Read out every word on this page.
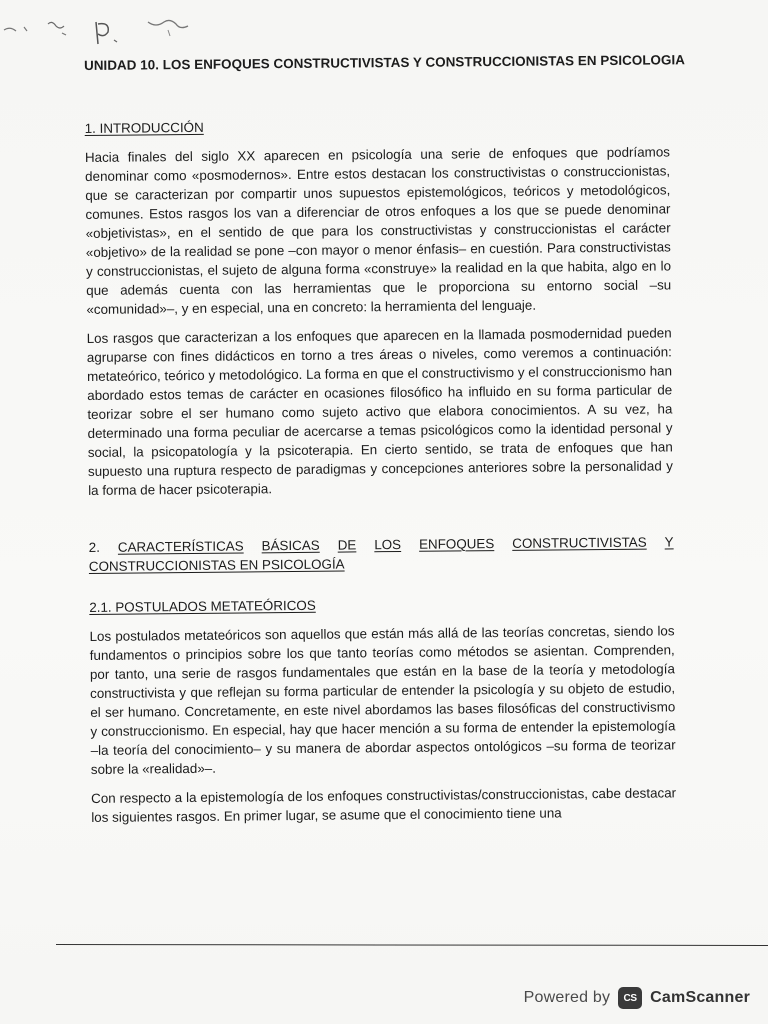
UNIDAD 10. LOS ENFOQUES CONSTRUCTIVISTAS Y CONSTRUCCIONISTAS EN PSICOLOGIA
1. INTRODUCCIÓN

Hacia finales del siglo XX aparecen en psicología una serie de enfoques que podríamos denominar como «posmodernos». Entre estos destacan los constructivistas o construccionistas, que se caracterizan por compartir unos supuestos epistemológicos, teóricos y metodológicos, comunes. Estos rasgos los van a diferenciar de otros enfoques a los que se puede denominar «objetivistas», en el sentido de que para los constructivistas y construccionistas el carácter «objetivo» de la realidad se pone –con mayor o menor énfasis– en cuestión. Para constructivistas y construccionistas, el sujeto de alguna forma «construye» la realidad en la que habita, algo en lo que además cuenta con las herramientas que le proporciona su entorno social –su «comunidad»–, y en especial, una en concreto: la herramienta del lenguaje.

Los rasgos que caracterizan a los enfoques que aparecen en la llamada posmodernidad pueden agruparse con fines didácticos en torno a tres áreas o niveles, como veremos a continuación: metateórico, teórico y metodológico. La forma en que el constructivismo y el construccionismo han abordado estos temas de carácter en ocasiones filosófico ha influido en su forma particular de teorizar sobre el ser humano como sujeto activo que elabora conocimientos. A su vez, ha determinado una forma peculiar de acercarse a temas psicológicos como la identidad personal y social, la psicopatología y la psicoterapia. En cierto sentido, se trata de enfoques que han supuesto una ruptura respecto de paradigmas y concepciones anteriores sobre la personalidad y la forma de hacer psicoterapia.

2. CARACTERÍSTICAS BÁSICAS DE LOS ENFOQUES CONSTRUCTIVISTAS Y
CONSTRUCCIONISTAS EN PSICOLOGÍA
2.1. POSTULADOS METATEÓRICOS

Los postulados metateóricos son aquellos que están más allá de las teorías concretas, siendo los fundamentos o principios sobre los que tanto teorías como métodos se asientan. Comprenden, por tanto, una serie de rasgos fundamentales que están en la base de la teoría y metodología constructivista y que reflejan su forma particular de entender la psicología y su objeto de estudio, el ser humano. Concretamente, en este nivel abordamos las bases filosóficas del constructivismo y construccionismo. En especial, hay que hacer mención a su forma de entender la epistemología –la teoría del conocimiento– y su manera de abordar aspectos ontológicos –su forma de teorizar sobre la «realidad»–.

Con respecto a la epistemología de los enfoques constructivistas/construccionistas, cabe destacar los siguientes rasgos. En primer lugar, se asume que el conocimiento tiene una

Powered by CS CamScanner
